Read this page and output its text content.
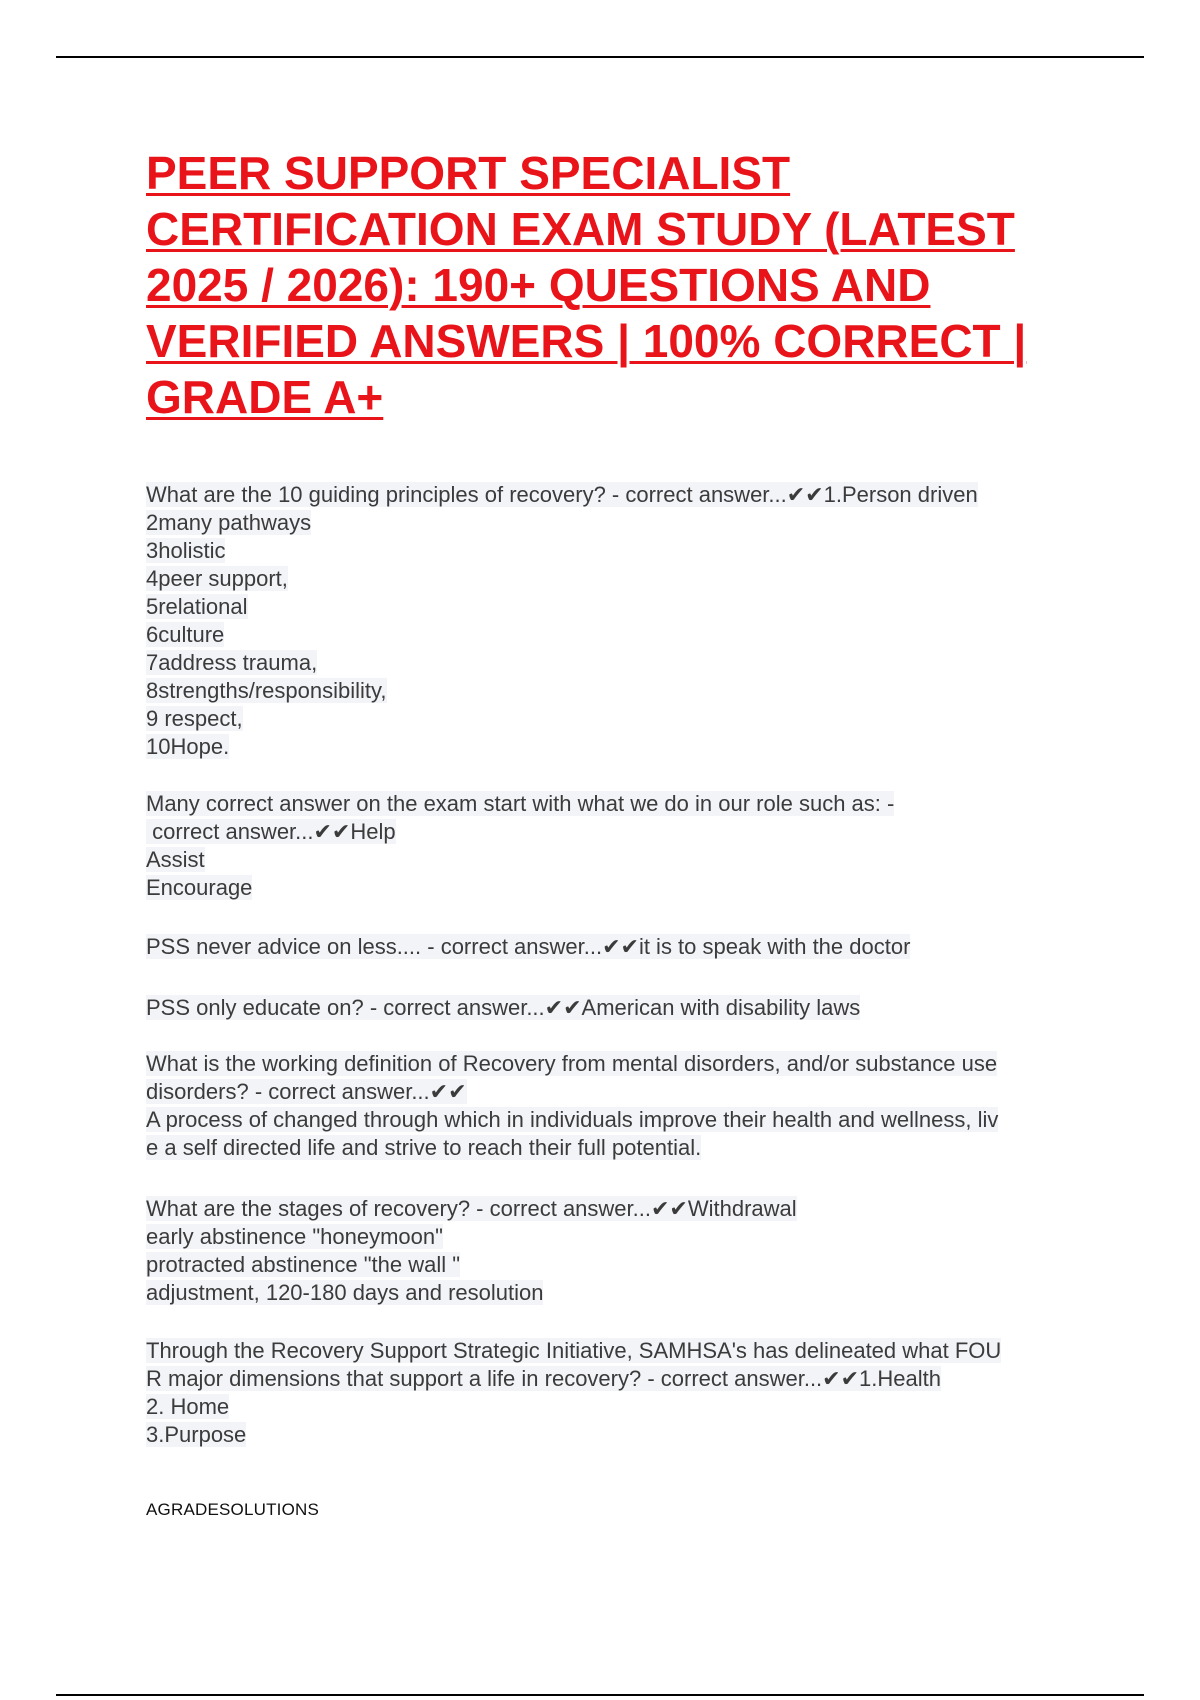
PEER SUPPORT SPECIALIST CERTIFICATION EXAM STUDY (LATEST 2025 / 2026): 190+ QUESTIONS AND VERIFIED ANSWERS | 100% CORRECT | GRADE A+
What are the 10 guiding principles of recovery? - correct answer...✔✔1.Person driven
2many pathways
3holistic
4peer support,
5relational
6culture
7address trauma,
8strengths/responsibility,
9 respect,
10Hope.
Many correct answer on the exam start with what we do in our role such as: -
correct answer...✔✔Help
Assist
Encourage
PSS never advice on less.... - correct answer...✔✔it is to speak with the doctor
PSS only educate on? - correct answer...✔✔American with disability laws
What is the working definition of Recovery from mental disorders, and/or substance use
disorders? - correct answer...✔✔
A process of changed through which in individuals improve their health and wellness, liv
e a self directed life and strive to reach their full potential.
What are the stages of recovery? - correct answer...✔✔Withdrawal
early abstinence "honeymoon"
protracted abstinence "the wall "
adjustment, 120-180 days and resolution
Through the Recovery Support Strategic Initiative, SAMHSA's has delineated what FOU
R major dimensions that support a life in recovery? - correct answer...✔✔1.Health
2. Home
3.Purpose
AGRADESOLUTIONS
